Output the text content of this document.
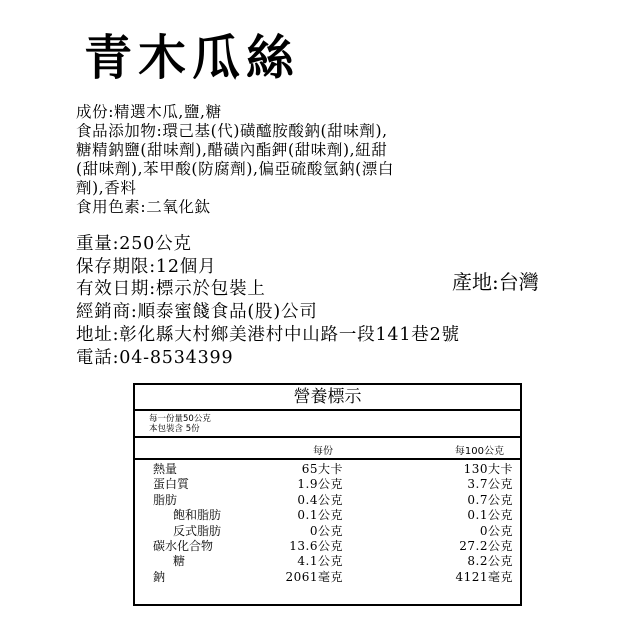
青木瓜絲
成份:精選木瓜,鹽,糖
食品添加物:環己基(代)磺醯胺酸鈉(甜味劑),
糖精鈉鹽(甜味劑),醋磺內酯鉀(甜味劑),紐甜
(甜味劑),苯甲酸(防腐劑),偏亞硫酸氫鈉(漂白
劑),香料
食用色素:二氧化鈦
重量:250公克
保存期限:12個月
有效日期:標示於包裝上
經銷商:順泰蜜餞食品(股)公司
地址:彰化縣大村鄉美港村中山路一段141巷2號
電話:04-8534399
產地:台灣
營養標示
每一份量50公克
本包裝含 5份
每份	每100公克
熱量	65大卡	130大卡
蛋白質	1.9公克	3.7公克
脂肪	0.4公克	0.7公克
飽和脂肪	0.1公克	0.1公克
反式脂肪	0公克	0公克
碳水化合物	13.6公克	27.2公克
糖	4.1公克	8.2公克
鈉	2061毫克	4121毫克
